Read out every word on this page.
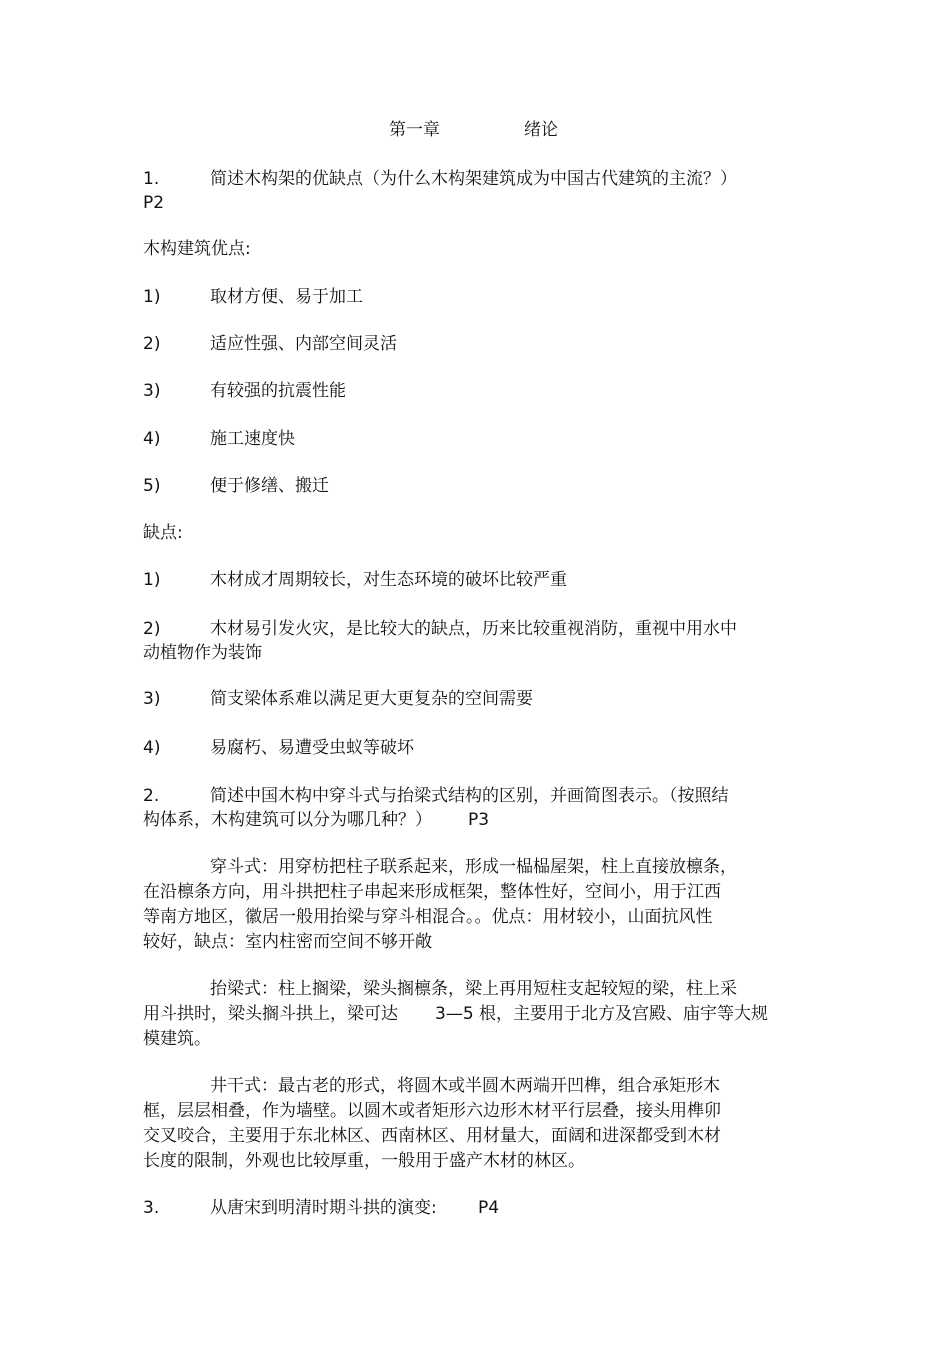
第一章	绪论
1.	简述木构架的优缺点（为什么木构架建筑成为中国古代建筑的主流？）
P2
木构建筑优点:
1)	取材方便、易于加工
2)	适应性强、内部空间灵活
3)	有较强的抗震性能
4)	施工速度快
5)	便于修缮、搬迁
缺点:
1)	木材成才周期较长，对生态环境的破坏比较严重
2)	木材易引发火灾，是比较大的缺点，历来比较重视消防，重视中用水中
动植物作为装饰
3)	简支梁体系难以满足更大更复杂的空间需要
4)	易腐朽、易遭受虫蚁等破坏
2.	简述中国木构中穿斗式与抬梁式结构的区别，并画简图表示。（按照结
构体系，木构建筑可以分为哪几种？） P3
穿斗式：用穿枋把柱子联系起来，形成一榀榀屋架，柱上直接放檩条，
在沿檩条方向，用斗拱把柱子串起来形成框架，整体性好，空间小，用于江西
等南方地区，徽居一般用抬梁与穿斗相混合。。优点：用材较小，山面抗风性
较好，缺点：室内柱密而空间不够开敞
抬梁式：柱上搁梁，梁头搁檩条，梁上再用短柱支起较短的梁，柱上采
用斗拱时，梁头搁斗拱上，梁可达 3—5 根，主要用于北方及宫殿、庙宇等大规
模建筑。
井干式：最古老的形式，将圆木或半圆木两端开凹榫，组合承矩形木
框，层层相叠，作为墙壁。以圆木或者矩形六边形木材平行层叠，接头用榫卯
交叉咬合，主要用于东北林区、西南林区、用材量大，面阔和进深都受到木材
长度的限制，外观也比较厚重，一般用于盛产木材的林区。
3.	从唐宋到明清时期斗拱的演变: P4
